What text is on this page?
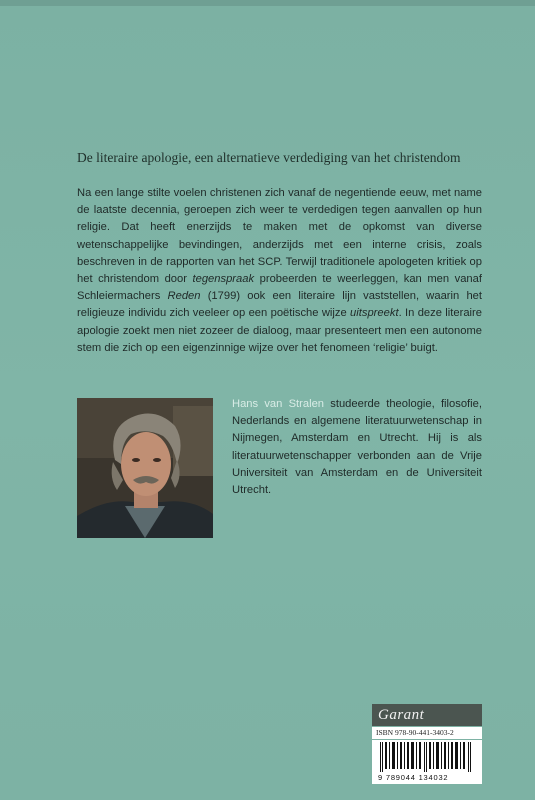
De literaire apologie, een alternatieve verdediging van het christendom
Na een lange stilte voelen christenen zich vanaf de negentiende eeuw, met name de laatste decennia, geroepen zich weer te verdedigen tegen aanvallen op hun religie. Dat heeft enerzijds te maken met de opkomst van diverse wetenschappelijke bevindingen, anderzijds met een interne crisis, zoals beschreven in de rapporten van het SCP. Terwijl traditionele apologeten kritiek op het christendom door tegenspraak probeerden te weerleggen, kan men vanaf Schleiermachers Reden (1799) ook een literaire lijn vaststellen, waarin het religieuze individu zich veeleer op een poëtische wijze uitspreekt. In deze literaire apologie zoekt men niet zozeer de dialoog, maar presenteert men een autonome stem die zich op een eigenzinnige wijze over het fenomeen ‘religie’ buigt.
Hans van Stralen studeerde theologie, filosofie, Nederlands en algemene literatuurwetenschap in Nijmegen, Amsterdam en Utrecht. Hij is als literatuurwetenschapper verbonden aan de Vrije Universiteit van Amsterdam en de Universiteit Utrecht.
Garant
ISBN 978-90-441-3403-2
9 789044 134032
